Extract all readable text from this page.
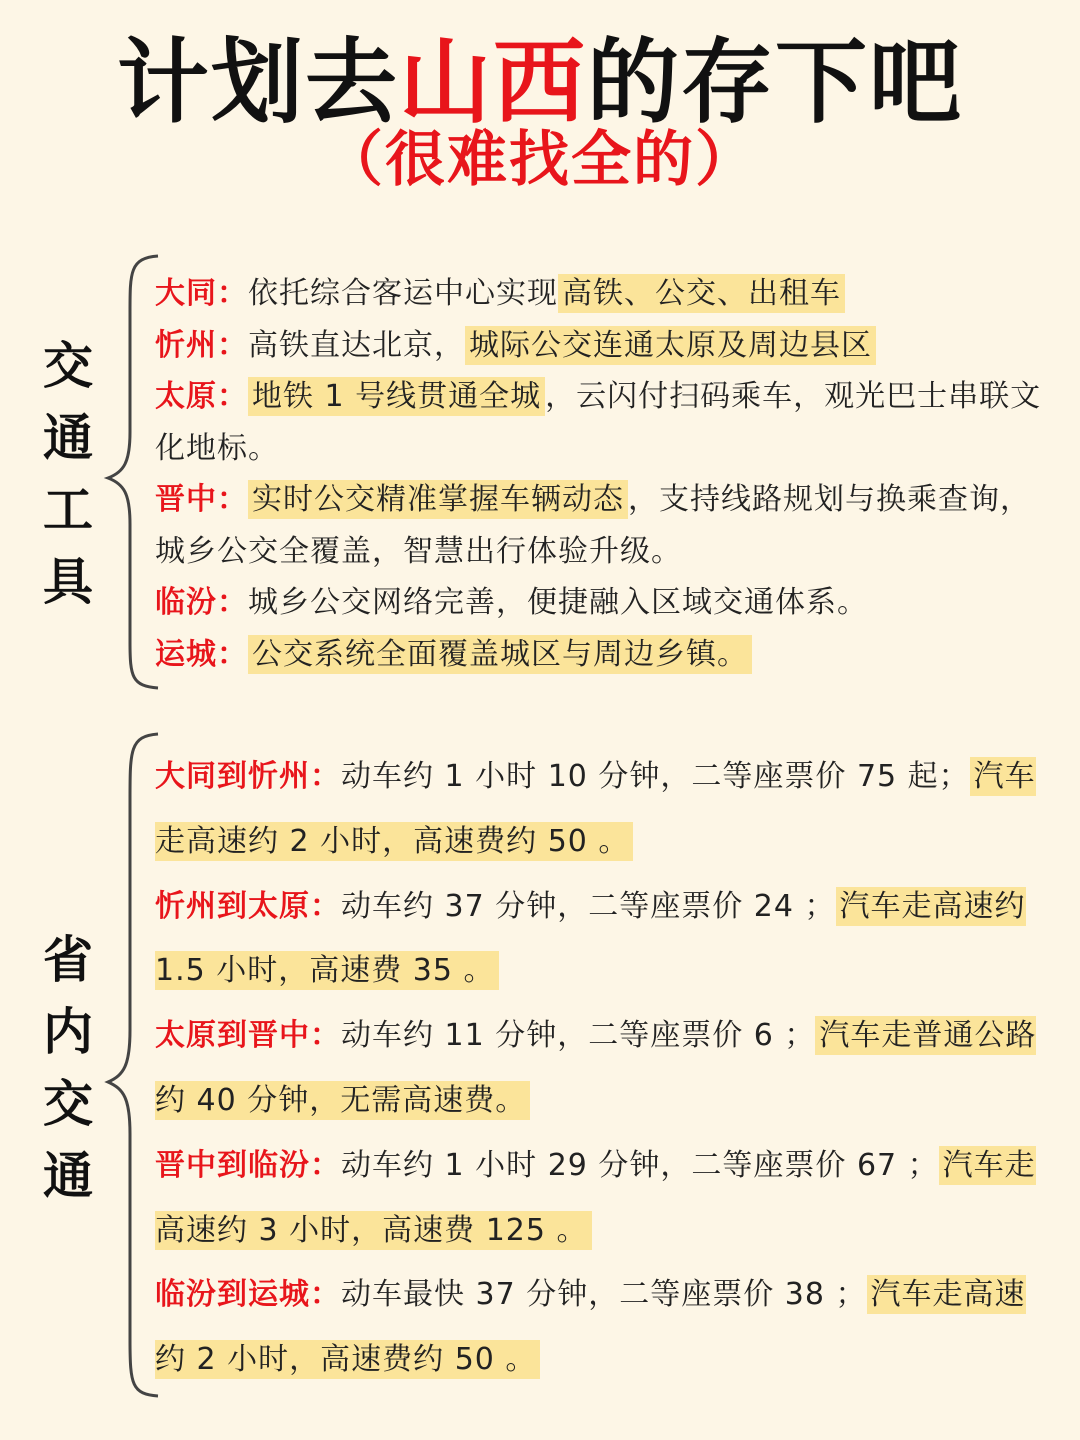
计划去山西的存下吧
（很难找全的）
交
通
工
具

大同：依托综合客运中心实现 高铁、公交、出租车

忻州：高铁直达北京， 城际公交连通太原及周边县区

太原： 地铁 1 号线贯通全城 ，云闪付扫码乘车，观光巴士串联文化地标。

晋中： 实时公交精准掌握车辆动态 ，支持线路规划与换乘查询，城乡公交全覆盖，智慧出行体验升级。

临汾：城乡公交网络完善，便捷融入区域交通体系。

运城： 公交系统全面覆盖城区与周边乡镇。

省
内
交
通

大同到忻州：动车约 1 小时 10 分钟，二等座票价 75 起； 汽车走高速约 2 小时，高速费约 50 。

忻州到太原：动车约 37 分钟，二等座票价 24 ； 汽车走高速约 1.5 小时，高速费 35 。

太原到晋中：动车约 11 分钟，二等座票价 6 ； 汽车走普通公路约 40 分钟，无需高速费。

晋中到临汾：动车约 1 小时 29 分钟，二等座票价 67 ； 汽车走高速约 3 小时，高速费 125 。

临汾到运城：动车最快 37 分钟，二等座票价 38 ； 汽车走高速约 2 小时，高速费约 50 。
